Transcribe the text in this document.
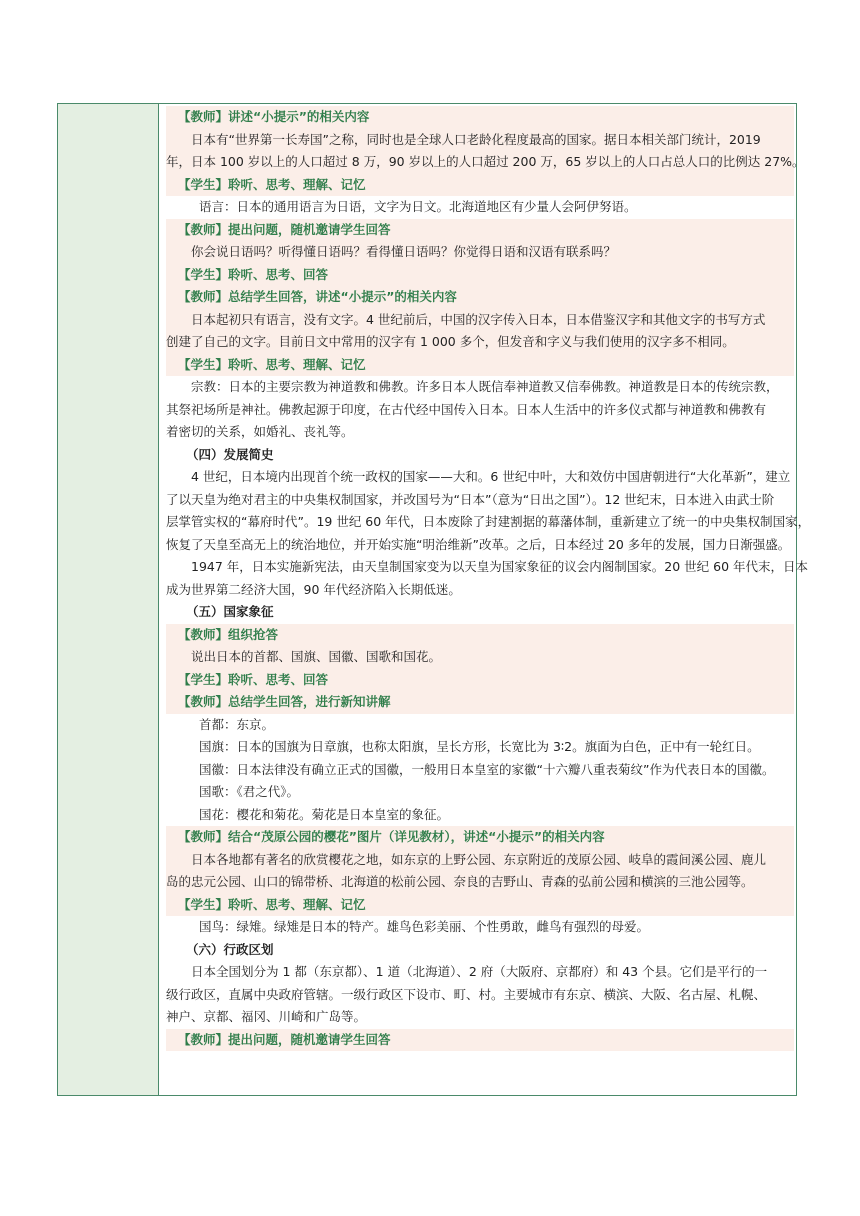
【教师】讲述“小提示”的相关内容
日本有“世界第一长寿国”之称，同时也是全球人口老龄化程度最高的国家。据日本相关部门统计，2019
年，日本 100 岁以上的人口超过 8 万，90 岁以上的人口超过 200 万，65 岁以上的人口占总人口的比例达 27%。
【学生】聆听、思考、理解、记忆
语言：日本的通用语言为日语，文字为日文。北海道地区有少量人会阿伊努语。
【教师】提出问题，随机邀请学生回答
你会说日语吗？听得懂日语吗？看得懂日语吗？你觉得日语和汉语有联系吗？
【学生】聆听、思考、回答
【教师】总结学生回答，讲述“小提示”的相关内容
日本起初只有语言，没有文字。4 世纪前后，中国的汉字传入日本，日本借鉴汉字和其他文字的书写方式
创建了自己的文字。目前日文中常用的汉字有 1 000 多个，但发音和字义与我们使用的汉字多不相同。
【学生】聆听、思考、理解、记忆
宗教：日本的主要宗教为神道教和佛教。许多日本人既信奉神道教又信奉佛教。神道教是日本的传统宗教，
其祭祀场所是神社。佛教起源于印度，在古代经中国传入日本。日本人生活中的许多仪式都与神道教和佛教有
着密切的关系，如婚礼、丧礼等。
（四）发展简史
4 世纪，日本境内出现首个统一政权的国家——大和。6 世纪中叶，大和效仿中国唐朝进行“大化革新”，建立
了以天皇为绝对君主的中央集权制国家，并改国号为“日本”（意为“日出之国”）。12 世纪末，日本进入由武士阶
层掌管实权的“幕府时代”。19 世纪 60 年代，日本废除了封建割据的幕藩体制，重新建立了统一的中央集权制国家，
恢复了天皇至高无上的统治地位，并开始实施“明治维新”改革。之后，日本经过 20 多年的发展，国力日渐强盛。
1947 年，日本实施新宪法，由天皇制国家变为以天皇为国家象征的议会内阁制国家。20 世纪 60 年代末，日本
成为世界第二经济大国，90 年代经济陷入长期低迷。
（五）国家象征
【教师】组织抢答
说出日本的首都、国旗、国徽、国歌和国花。
【学生】聆听、思考、回答
【教师】总结学生回答，进行新知讲解
首都：东京。
国旗：日本的国旗为日章旗，也称太阳旗，呈长方形，长宽比为 3∶2。旗面为白色，正中有一轮红日。
国徽：日本法律没有确立正式的国徽，一般用日本皇室的家徽“十六瓣八重表菊纹”作为代表日本的国徽。
国歌：《君之代》。
国花：樱花和菊花。菊花是日本皇室的象征。
【教师】结合“茂原公园的樱花”图片（详见教材），讲述“小提示”的相关内容
日本各地都有著名的欣赏樱花之地，如东京的上野公园、东京附近的茂原公园、岐阜的霞间溪公园、鹿儿
岛的忠元公园、山口的锦带桥、北海道的松前公园、奈良的吉野山、青森的弘前公园和横滨的三池公园等。
【学生】聆听、思考、理解、记忆
国鸟：绿雉。绿雉是日本的特产。雄鸟色彩美丽、个性勇敢，雌鸟有强烈的母爱。
（六）行政区划
日本全国划分为 1 都（东京都）、1 道（北海道）、2 府（大阪府、京都府）和 43 个县。它们是平行的一
级行政区，直属中央政府管辖。一级行政区下设市、町、村。主要城市有东京、横滨、大阪、名古屋、札幌、
神户、京都、福冈、川崎和广岛等。
【教师】提出问题，随机邀请学生回答
